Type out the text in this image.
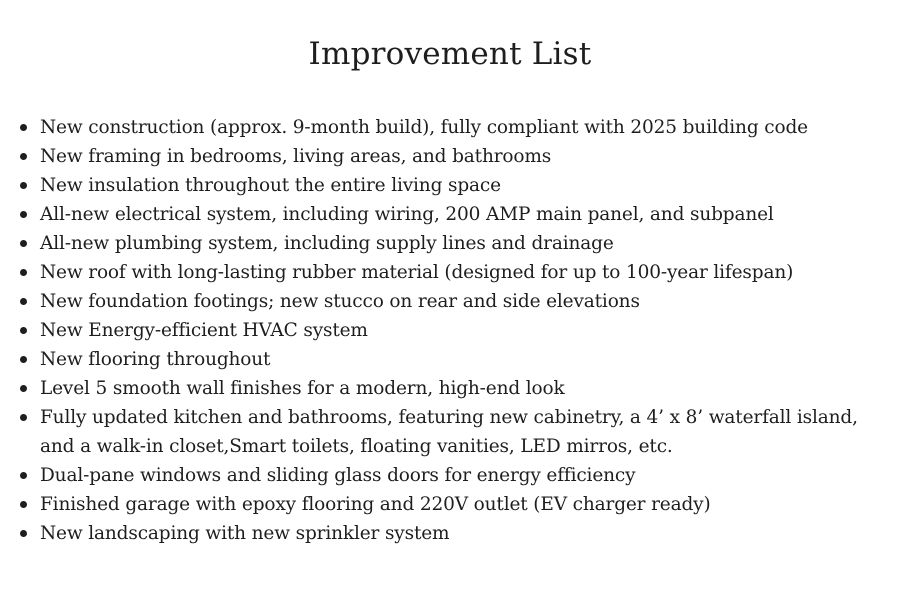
Improvement List
New construction (approx. 9-month build), fully compliant with 2025 building code
New framing in bedrooms, living areas, and bathrooms
New insulation throughout the entire living space
All-new electrical system, including wiring, 200 AMP main panel, and subpanel
All-new plumbing system, including supply lines and drainage
New roof with long-lasting rubber material (designed for up to 100-year lifespan)
New foundation footings; new stucco on rear and side elevations
New Energy-efficient HVAC system
New flooring throughout
Level 5 smooth wall finishes for a modern, high-end look
Fully updated kitchen and bathrooms, featuring new cabinetry, a 4’ x 8’ waterfall island, and a walk-in closet,Smart toilets, floating vanities, LED mirros, etc.
Dual-pane windows and sliding glass doors for energy efficiency
Finished garage with epoxy flooring and 220V outlet (EV charger ready)
New landscaping with new sprinkler system
